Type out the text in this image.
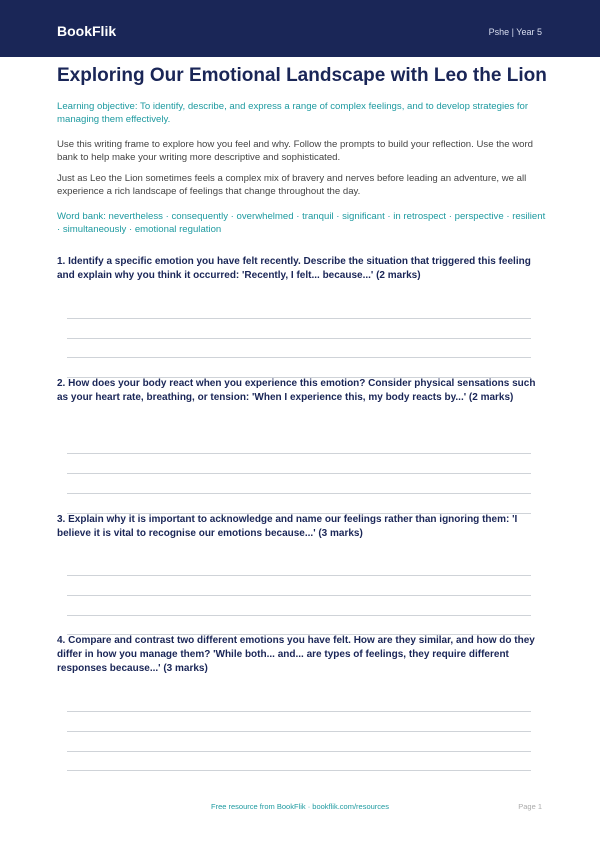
BookFlik	Pshe | Year 5
Exploring Our Emotional Landscape with Leo the Lion

Learning objective: To identify, describe, and express a range of complex feelings, and to develop strategies for managing them effectively.

Use this writing frame to explore how you feel and why. Follow the prompts to build your reflection. Use the word bank to help make your writing more descriptive and sophisticated.

Just as Leo the Lion sometimes feels a complex mix of bravery and nerves before leading an adventure, we all experience a rich landscape of feelings that change throughout the day.

Word bank: nevertheless · consequently · overwhelmed · tranquil · significant · in retrospect · perspective · resilient · simultaneously · emotional regulation

1. Identify a specific emotion you have felt recently. Describe the situation that triggered this feeling and explain why you think it occurred: 'Recently, I felt... because...' (2 marks)

2. How does your body react when you experience this emotion? Consider physical sensations such as your heart rate, breathing, or tension: 'When I experience this, my body reacts by...' (2 marks)

3. Explain why it is important to acknowledge and name our feelings rather than ignoring them: 'I believe it is vital to recognise our emotions because...' (3 marks)

4. Compare and contrast two different emotions you have felt. How are they similar, and how do they differ in how you manage them? 'While both... and... are types of feelings, they require different responses because...' (3 marks)

Free resource from BookFlik · bookflik.com/resources	Page 1
